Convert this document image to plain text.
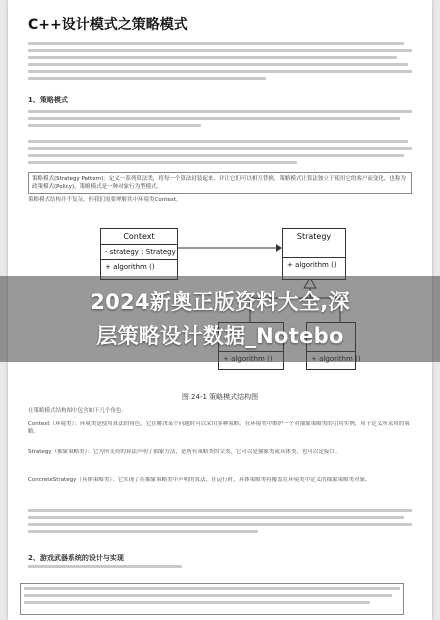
C++设计模式之策略模式
1、策略模式
策略模式(Strategy Pattern)：定义一系列算法类，将每一个算法封装起来，并让它们可以相互替换，策略模式让算法独立于使用它的客户而变化，也称为政策模式(Policy)。策略模式是一种对象行为型模式。
策略模式结构并不复杂，但我们需要理解其中环境类Context。
Context
- strategy : Strategy
+ algorithm ()
Strategy
+ algorithm ()
图 24-1 策略模式结构图
2024新奥正版资料大全,深
层策略设计数据_Notebo
在策略模式结构图中包含如下几个角色：
Context（环境类）：环境类是使用算法的角色，它在解决某个问题时可以采用多种策略。在环境类中维护一个对抽象策略类的引用实例，用于定义所采用的策略。
Strategy（抽象策略类）：它为所支持的算法声明了抽象方法，是所有策略类的父类，它可以是抽象类或具体类，也可以是接口。
ConcreteStrategy（具体策略类）：它实现了在抽象策略类中声明的算法，在运行时，具体策略类将覆盖在环境类中定义的抽象策略类对象。
2、游戏武器系统的设计与实现
